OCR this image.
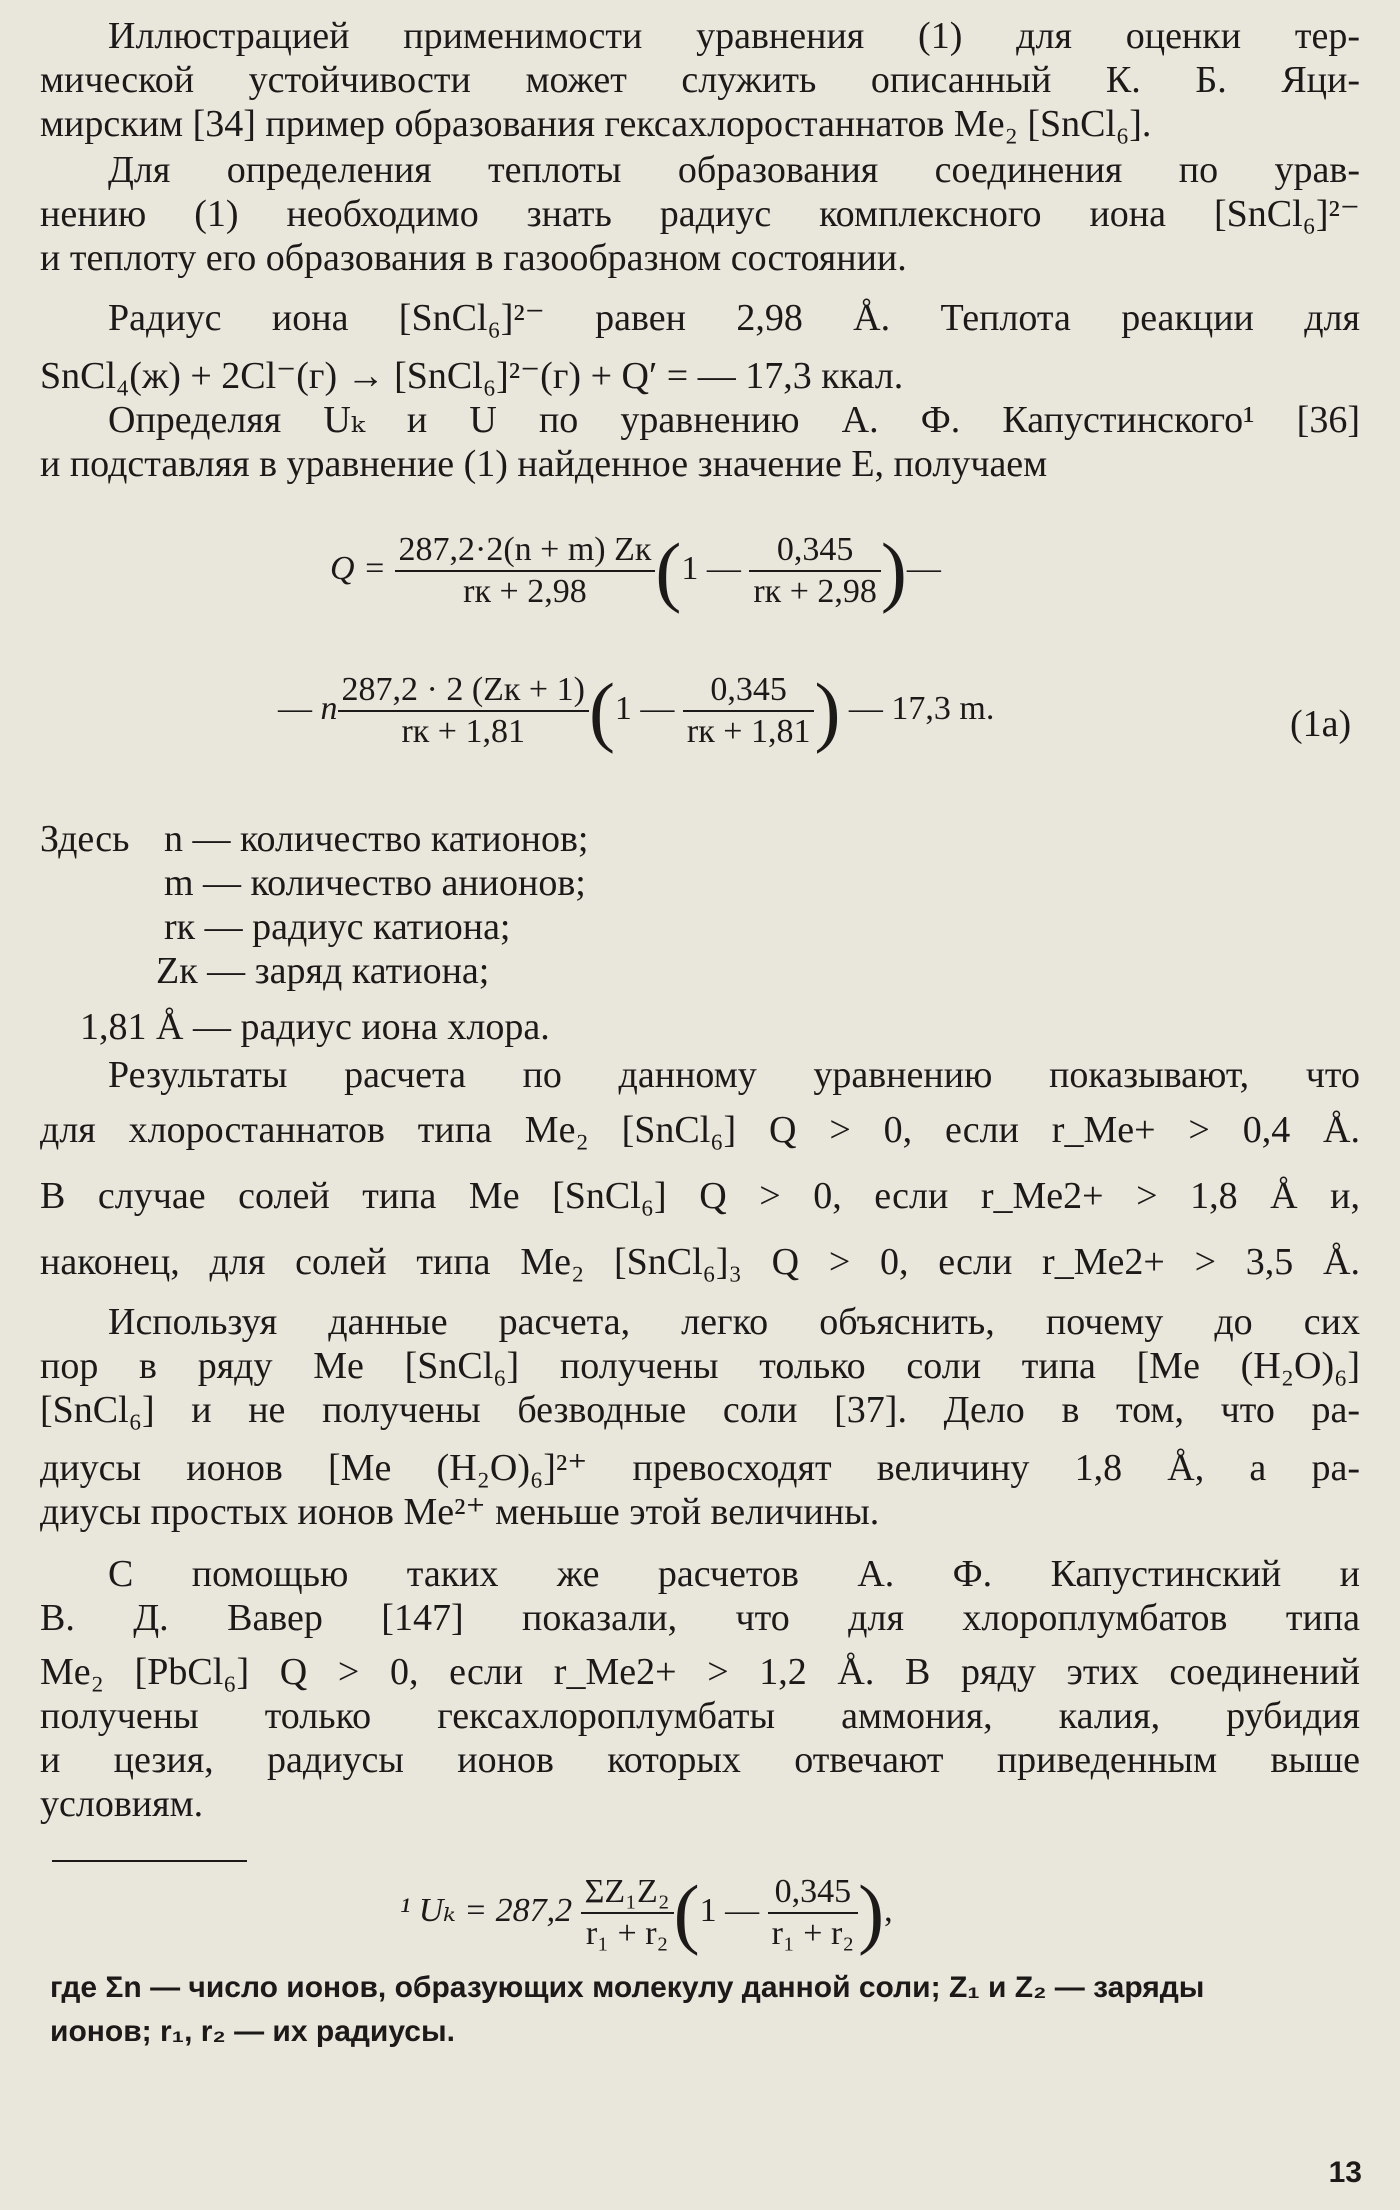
Иллюстрацией применимости уравнения (1) для оценки тер-

мической устойчивости может служить описанный К. Б. Яци-

мирским [34] пример образования гексахлоростаннатов Me₂ [SnCl₆].

Для определения теплоты образования соединения по урав-

нению (1) необходимо знать радиус комплексного иона [SnCl₆]²⁻

и теплоту его образования в газообразном состоянии.

Радиус иона [SnCl₆]²⁻ равен 2,98 Å. Теплота реакции для

SnCl₄(ж) + 2Cl⁻(г) → [SnCl₆]²⁻(г) + Q′ = — 17,3 ккал.

Определяя Uₖ и U по уравнению А. Ф. Капустинского¹ [36]

и подставляя в уравнение (1) найденное значение E, получаем

$Q = \frac{287,2\cdot 2(n + m) Zк}{rк + 2,98} (1$ — $\frac{0,345}{rк + 2,98}$ )—
— n $\frac{287,2 \cdot 2 (Zк + 1)}{rк + 1,81} (1$ — $\frac{0,345}{rк + 1,81}$ ) — 17,3 m.	(1a)
Здесь n — количество катионов;
m — количество анионов;
rк — радиус катиона;
Zк — заряд катиона;
1,81 Å — радиус иона хлора.

Результаты расчета по данному уравнению показывают, что

для хлоростаннатов типа Me₂ [SnCl₆] Q > 0, если r_Me+ > 0,4 Å.

В случае солей типа Me [SnCl₆] Q > 0, если r_Me2+ > 1,8 Å и,

наконец, для солей типа Me₂ [SnCl₆]₃ Q > 0, если r_Me2+ > 3,5 Å.

Используя данные расчета, легко объяснить, почему до сих

пор в ряду Me [SnCl₆] получены только соли типа [Me (H₂O)₆]

[SnCl₆] и не получены безводные соли [37]. Дело в том, что ра-

диусы ионов [Me (H₂O)₆]²⁺ превосходят величину 1,8 Å, а ра-

диусы простых ионов Me²⁺ меньше этой величины.

С помощью таких же расчетов А. Ф. Капустинский и

В. Д. Вавер [147] показали, что для хлороплумбатов типа

Me₂ [PbCl₆] Q > 0, если r_Me2+ > 1,2 Å. В ряду этих соединений

получены только гексахлороплумбаты аммония, калия, рубидия

и цезия, радиусы ионов которых отвечают приведенным выше

условиям.

¹ $U_k = 287,2 \frac{\text{ΣZ₁Z₂}}{\text{r₁ + r₂}} (1$ — $\frac{0,345}{\text{r₁ + r₂}}$ ),
где Σn — число ионов, образующих молекулу данной соли; Z₁ и Z₂ — заряды
ионов; r₁, r₂ — их радиусы.
13
